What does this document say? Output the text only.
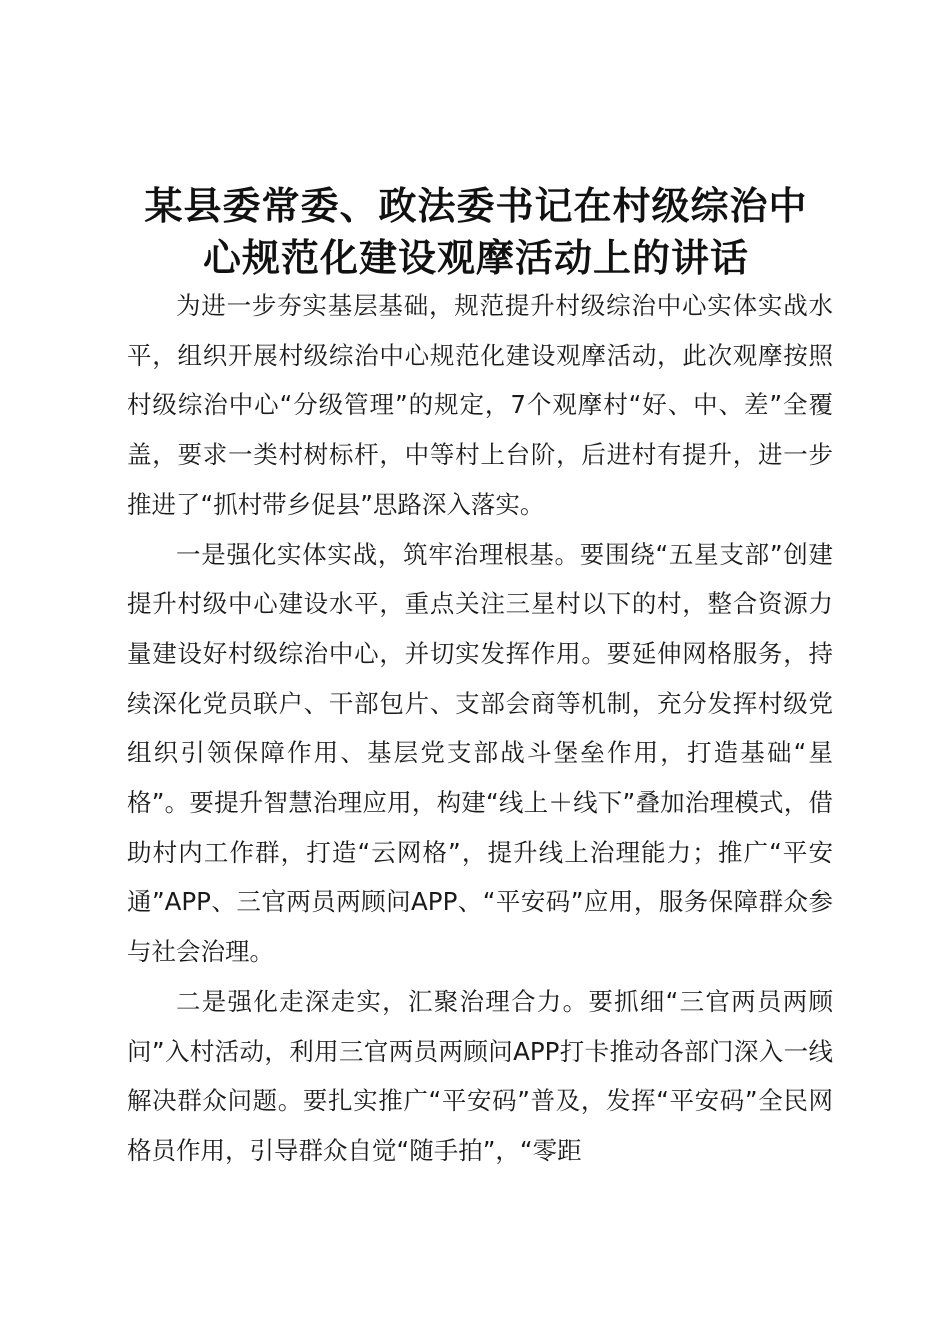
某县委常委、政法委书记在村级综治中
心规范化建设观摩活动上的讲话

为进一步夯实基层基础，规范提升村级综治中心实体实战水平，组织开展村级综治中心规范化建设观摩活动，此次观摩按照村级综治中心“分级管理”的规定，7个观摩村“好、中、差”全覆盖，要求一类村树标杆，中等村上台阶，后进村有提升，进一步推进了“抓村带乡促县”思路深入落实。

一是强化实体实战，筑牢治理根基。要围绕“五星支部”创建提升村级中心建设水平，重点关注三星村以下的村，整合资源力量建设好村级综治中心，并切实发挥作用。要延伸网格服务，持续深化党员联户、干部包片、支部会商等机制，充分发挥村级党组织引领保障作用、基层党支部战斗堡垒作用，打造基础“星格”。要提升智慧治理应用，构建“线上＋线下”叠加治理模式，借助村内工作群，打造“云网格”，提升线上治理能力；推广“平安通”APP、三官两员两顾问APP、“平安码”应用，服务保障群众参与社会治理。

二是强化走深走实，汇聚治理合力。要抓细“三官两员两顾问”入村活动，利用三官两员两顾问APP打卡推动各部门深入一线解决群众问题。要扎实推广“平安码”普及，发挥“平安码”全民网格员作用，引导群众自觉“随手拍”，“零距
